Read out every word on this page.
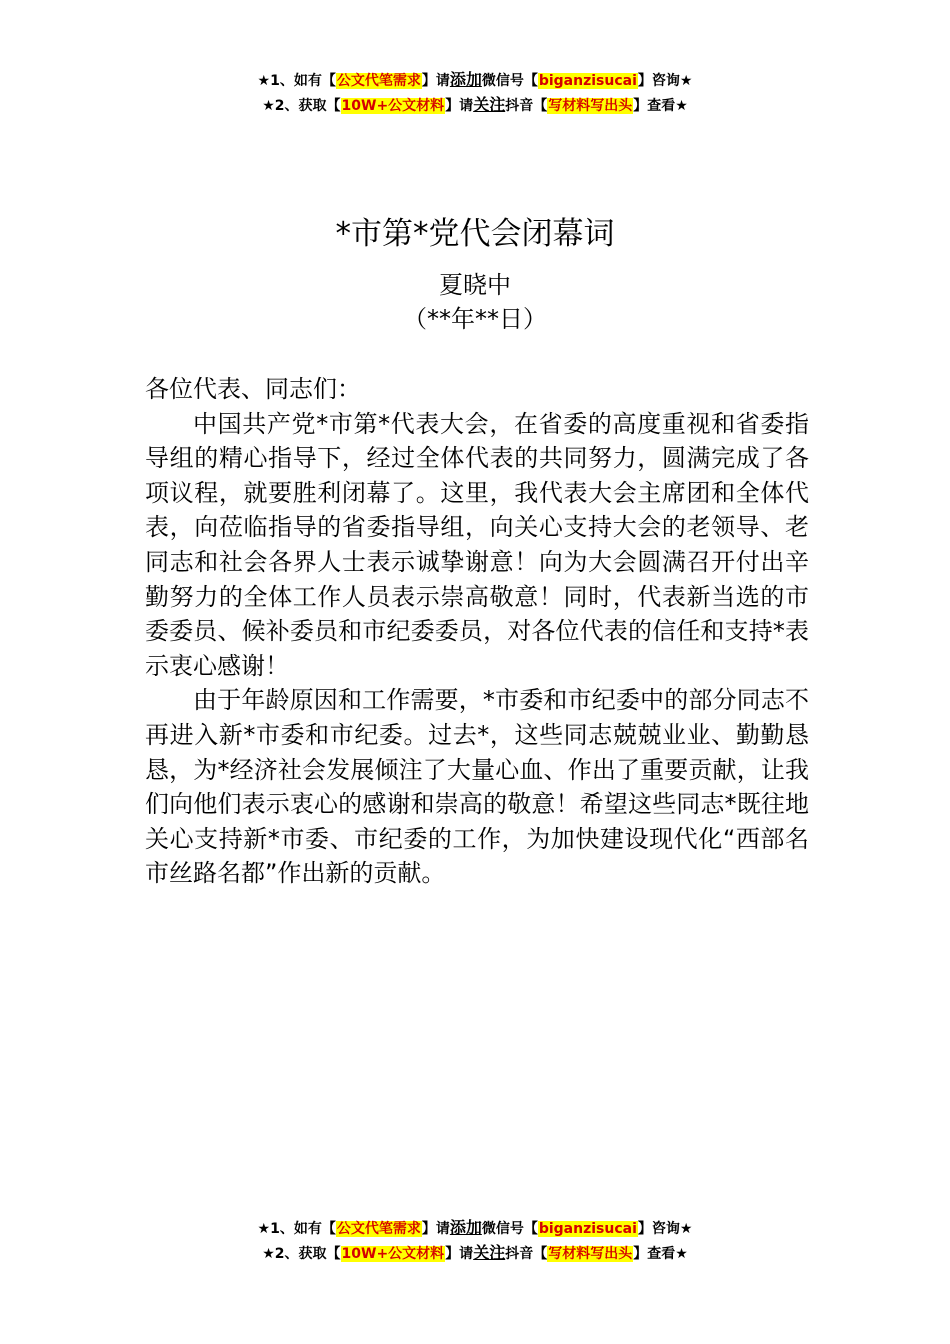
★1、如有【公文代笔需求】请添加微信号【biganzisucai】咨询★
★2、获取【10W+公文材料】请关注抖音【写材料写出头】查看★
*市第*党代会闭幕词
夏晓中
（**年**日）

各位代表、同志们：

中国共产党*市第*代表大会，在省委的高度重视和省委指导组的精心指导下，经过全体代表的共同努力，圆满完成了各项议程，就要胜利闭幕了。这里，我代表大会主席团和全体代表，向莅临指导的省委指导组，向关心支持大会的老领导、老同志和社会各界人士表示诚挚谢意！向为大会圆满召开付出辛勤努力的全体工作人员表示崇高敬意！同时，代表新当选的市委委员、候补委员和市纪委委员，对各位代表的信任和支持*表示衷心感谢！

由于年龄原因和工作需要，*市委和市纪委中的部分同志不再进入新*市委和市纪委。过去*，这些同志兢兢业业、勤勤恳恳，为*经济社会发展倾注了大量心血、作出了重要贡献，让我们向他们表示衷心的感谢和崇高的敬意！希望这些同志*既往地关心支持新*市委、市纪委的工作，为加快建设现代化“西部名市丝路名都”作出新的贡献。

★1、如有【公文代笔需求】请添加微信号【biganzisucai】咨询★
★2、获取【10W+公文材料】请关注抖音【写材料写出头】查看★
